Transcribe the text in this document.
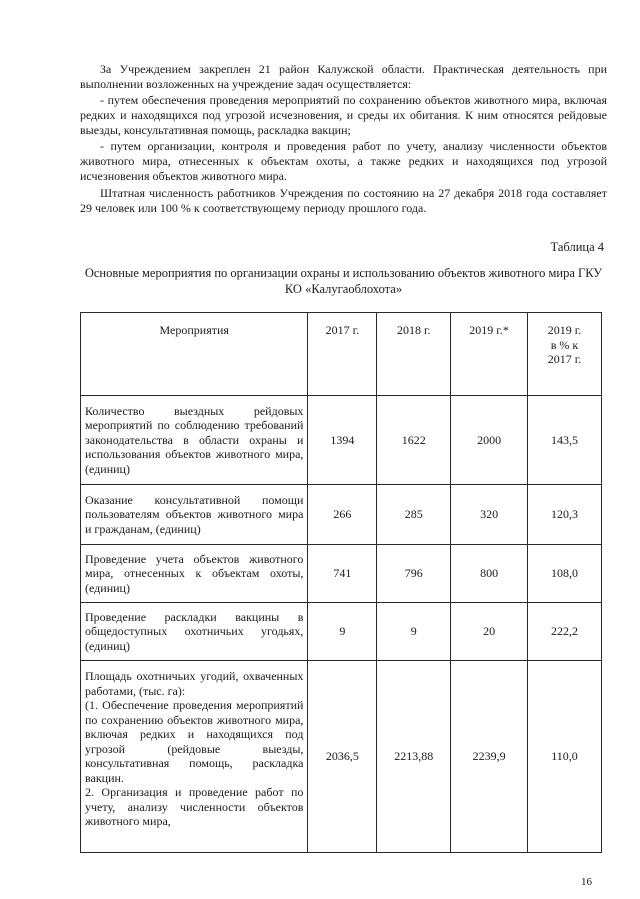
За Учреждением закреплен 21 район Калужской области. Практическая деятельность при выполнении возложенных на учреждение задач осуществляется:

- путем обеспечения проведения мероприятий по сохранению объектов животного мира, включая редких и находящихся под угрозой исчезновения, и среды их обитания. К ним относятся рейдовые выезды, консультативная помощь, раскладка вакцин;

- путем организации, контроля и проведения работ по учету, анализу численности объектов животного мира, отнесенных к объектам охоты, а также редких и находящихся под угрозой исчезновения объектов животного мира.

Штатная численность работников Учреждения по состоянию на 27 декабря 2018 года составляет 29 человек или 100 % к соответствующему периоду прошлого года.

Таблица 4

Основные мероприятия по организации охраны и использованию объектов животного мира ГКУ КО «Калугаоблохота»

Мероприятия	2017 г.	2018 г.	2019 г.*	2019 г. в % к 2017 г.
Количество выездных рейдовых мероприятий по соблюдению требований законодательства в области охраны и использования объектов животного мира, (единиц)	1394	1622	2000	143,5
Оказание консультативной помощи пользователям объектов животного мира и гражданам, (единиц)	266	285	320	120,3
Проведение учета объектов животного мира, отнесенных к объектам охоты, (единиц)	741	796	800	108,0
Проведение раскладки вакцины в общедоступных охотничьих угодьях, (единиц)	9	9	20	222,2

Площадь охотничьих угодий, охваченных работами, (тыс. га):
(1. Обеспечение проведения мероприятий по сохранению объектов животного мира, включая редких и находящихся под угрозой (рейдовые выезды, консультативная помощь, раскладка вакцин.
2. Организация и проведение работ по учету, анализу численности объектов животного мира,	2036,5	2213,88	2239,9	110,0
16
